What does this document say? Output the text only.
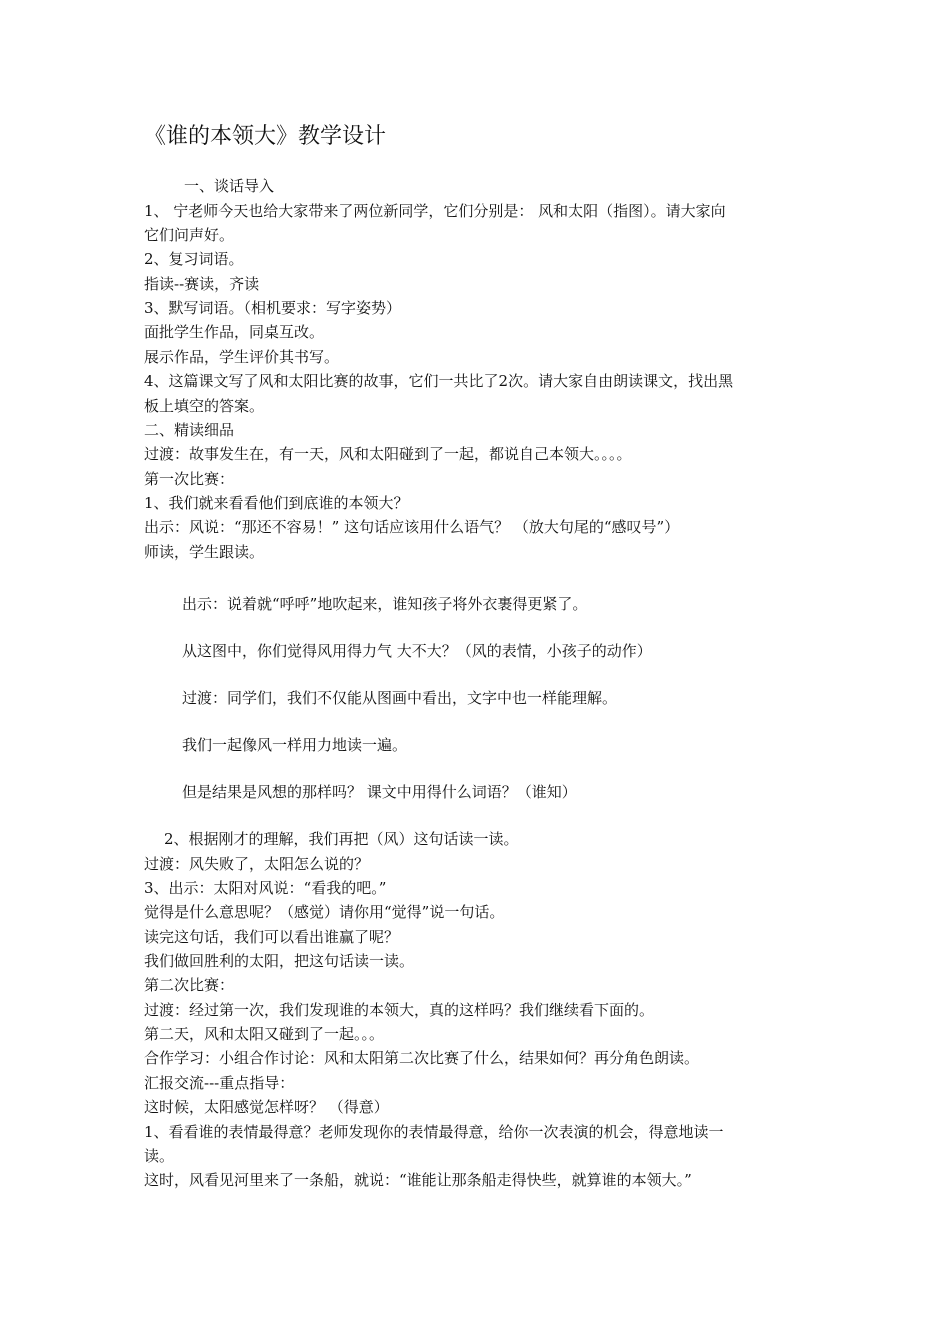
《谁的本领大》教学设计
一、谈话导入
1、 宁老师今天也给大家带来了两位新同学，它们分别是： 风和太阳（指图）。请大家向
它们问声好。
2、复习词语。
指读--赛读，齐读
3、默写词语。（相机要求：写字姿势）
面批学生作品，同桌互改。
展示作品，学生评价其书写。
4、这篇课文写了风和太阳比赛的故事，它们一共比了2次。请大家自由朗读课文，找出黑
板上填空的答案。
二、精读细品
过渡：故事发生在，有一天，风和太阳碰到了一起，都说自己本领大。。。。
第一次比赛：
1、我们就来看看他们到底谁的本领大？
出示：风说：“那还不容易！” 这句话应该用什么语气？ （放大句尾的“感叹号”）
师读，学生跟读。
出示：说着就“呼呼”地吹起来，谁知孩子将外衣裹得更紧了。
从这图中，你们觉得风用得力气 大不大？（风的表情，小孩子的动作）
过渡：同学们，我们不仅能从图画中看出，文字中也一样能理解。
我们一起像风一样用力地读一遍。
但是结果是风想的那样吗？ 课文中用得什么词语？（谁知）
2、根据刚才的理解，我们再把（风）这句话读一读。
过渡：风失败了，太阳怎么说的？
3、出示：太阳对风说：“看我的吧。”
觉得是什么意思呢？（感觉）请你用“觉得”说一句话。
读完这句话，我们可以看出谁赢了呢？
我们做回胜利的太阳，把这句话读一读。
第二次比赛：
过渡：经过第一次，我们发现谁的本领大，真的这样吗？我们继续看下面的。
第二天，风和太阳又碰到了一起。。。
合作学习：小组合作讨论：风和太阳第二次比赛了什么，结果如何？再分角色朗读。
汇报交流---重点指导：
这时候，太阳感觉怎样呀？ （得意）
1、看看谁的表情最得意？老师发现你的表情最得意，给你一次表演的机会，得意地读一
读。
这时，风看见河里来了一条船，就说：“谁能让那条船走得快些，就算谁的本领大。”
